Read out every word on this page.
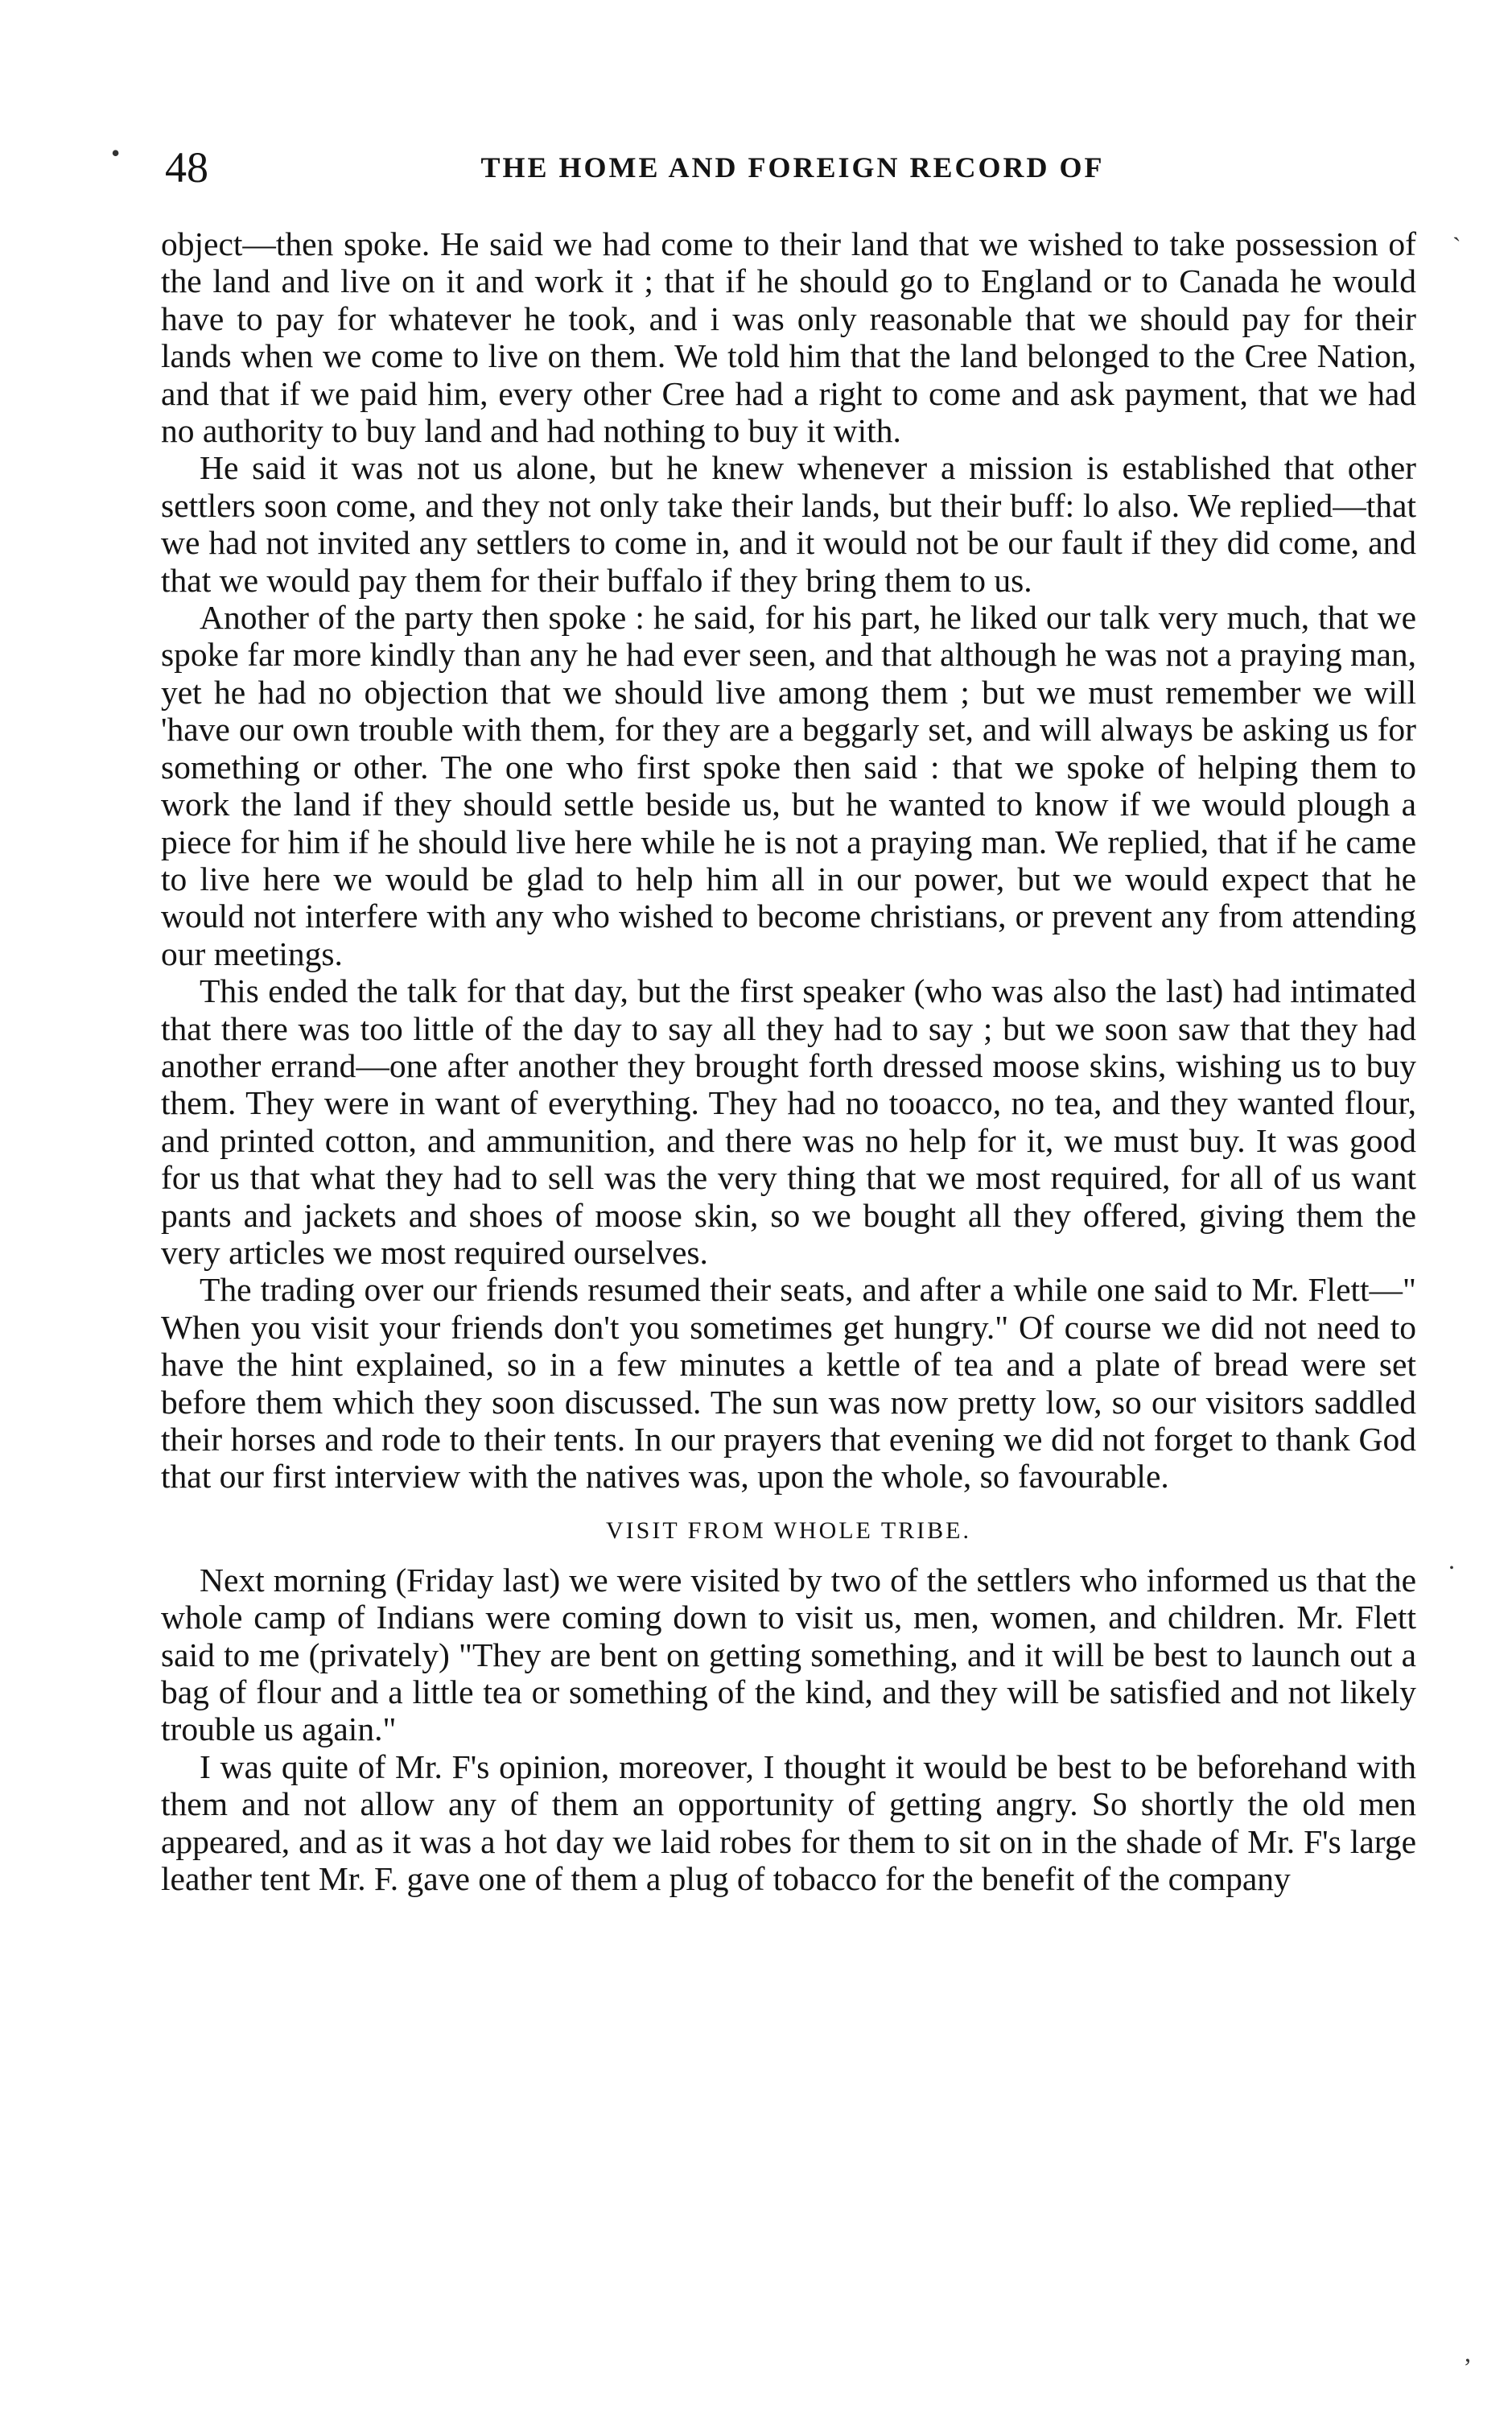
•
ˋ
.
,
48	THE HOME AND FOREIGN RECORD OF

object—then spoke. He said we had come to their land that we wished to take possession of the land and live on it and work it ; that if he should go to England or to Canada he would have to pay for whatever he took, and i was only reasonable that we should pay for their lands when we come to live on them. We told him that the land belonged to the Cree Nation, and that if we paid him, every other Cree had a right to come and ask payment, that we had no authority to buy land and had nothing to buy it with.

He said it was not us alone, but he knew whenever a mission is established that other settlers soon come, and they not only take their lands, but their buff: lo also. We replied—that we had not invited any settlers to come in, and it would not be our fault if they did come, and that we would pay them for their buffalo if they bring them to us.

Another of the party then spoke : he said, for his part, he liked our talk very much, that we spoke far more kindly than any he had ever seen, and that although he was not a praying man, yet he had no objection that we should live among them ; but we must remember we will 'have our own trouble with them, for they are a beggarly set, and will always be asking us for something or other. The one who first spoke then said : that we spoke of helping them to work the land if they should settle beside us, but he wanted to know if we would plough a piece for him if he should live here while he is not a praying man. We replied, that if he came to live here we would be glad to help him all in our power, but we would expect that he would not interfere with any who wished to become christians, or prevent any from attending our meetings.

This ended the talk for that day, but the first speaker (who was also the last) had intimated that there was too little of the day to say all they had to say ; but we soon saw that they had another errand—one after another they brought forth dressed moose skins, wishing us to buy them. They were in want of everything. They had no tooacco, no tea, and they wanted flour, and printed cotton, and ammunition, and there was no help for it, we must buy. It was good for us that what they had to sell was the very thing that we most required, for all of us want pants and jackets and shoes of moose skin, so we bought all they offered, giving them the very articles we most required ourselves.

The trading over our friends resumed their seats, and after a while one said to Mr. Flett—" When you visit your friends don't you sometimes get hungry." Of course we did not need to have the hint explained, so in a few minutes a kettle of tea and a plate of bread were set before them which they soon discussed. The sun was now pretty low, so our visitors saddled their horses and rode to their tents. In our prayers that evening we did not forget to thank God that our first interview with the natives was, upon the whole, so favourable.

VISIT FROM WHOLE TRIBE.

Next morning (Friday last) we were visited by two of the settlers who informed us that the whole camp of Indians were coming down to visit us, men, women, and children. Mr. Flett said to me (privately) "They are bent on getting something, and it will be best to launch out a bag of flour and a little tea or something of the kind, and they will be satisfied and not likely trouble us again."

I was quite of Mr. F's opinion, moreover, I thought it would be best to be beforehand with them and not allow any of them an opportunity of getting angry. So shortly the old men appeared, and as it was a hot day we laid robes for them to sit on in the shade of Mr. F's large leather tent Mr. F. gave one of them a plug of tobacco for the benefit of the company
